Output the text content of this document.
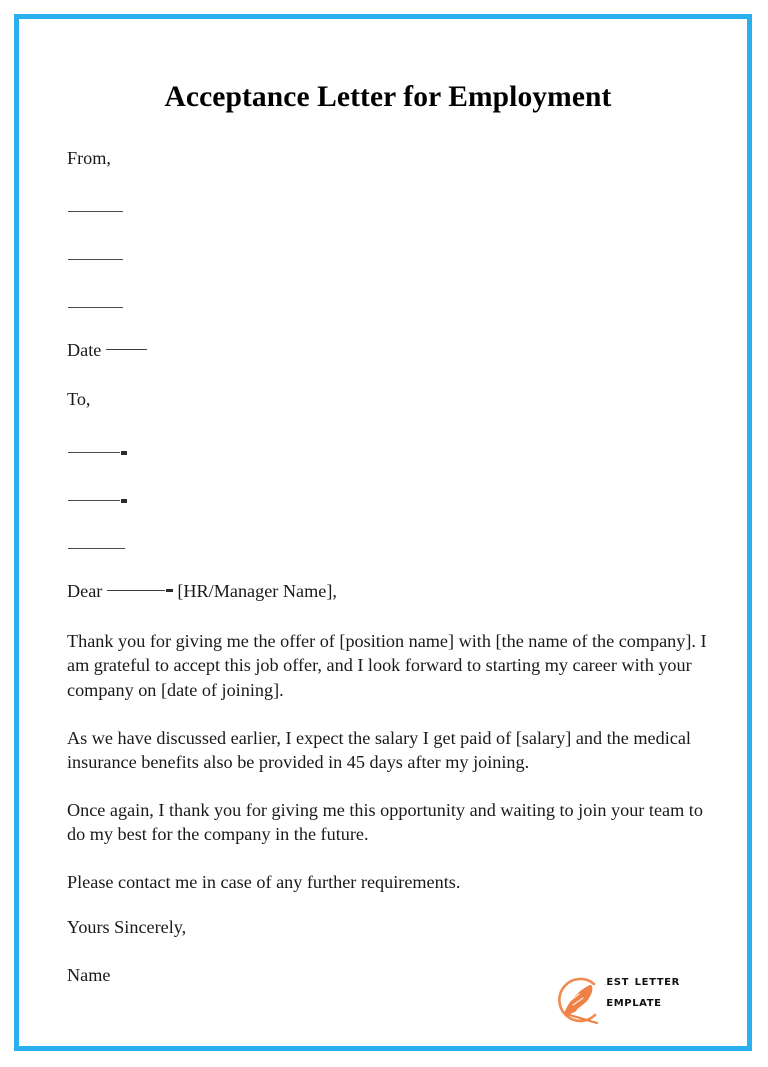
Acceptance Letter for Employment
From,
Date
To,
Dear	[HR/Manager Name],

Thank you for giving me the offer of [position name] with [the name of the company]. I am grateful to accept this job offer, and I look forward to starting my career with your company on [date of joining].

As we have discussed earlier, I expect the salary I get paid of [salary] and the medical insurance benefits also be provided in 45 days after my joining.

Once again, I thank you for giving me this opportunity and waiting to join your team to do my best for the company in the future.

Please contact me in case of any further requirements.

Yours Sincerely,
Name
best letter
template
